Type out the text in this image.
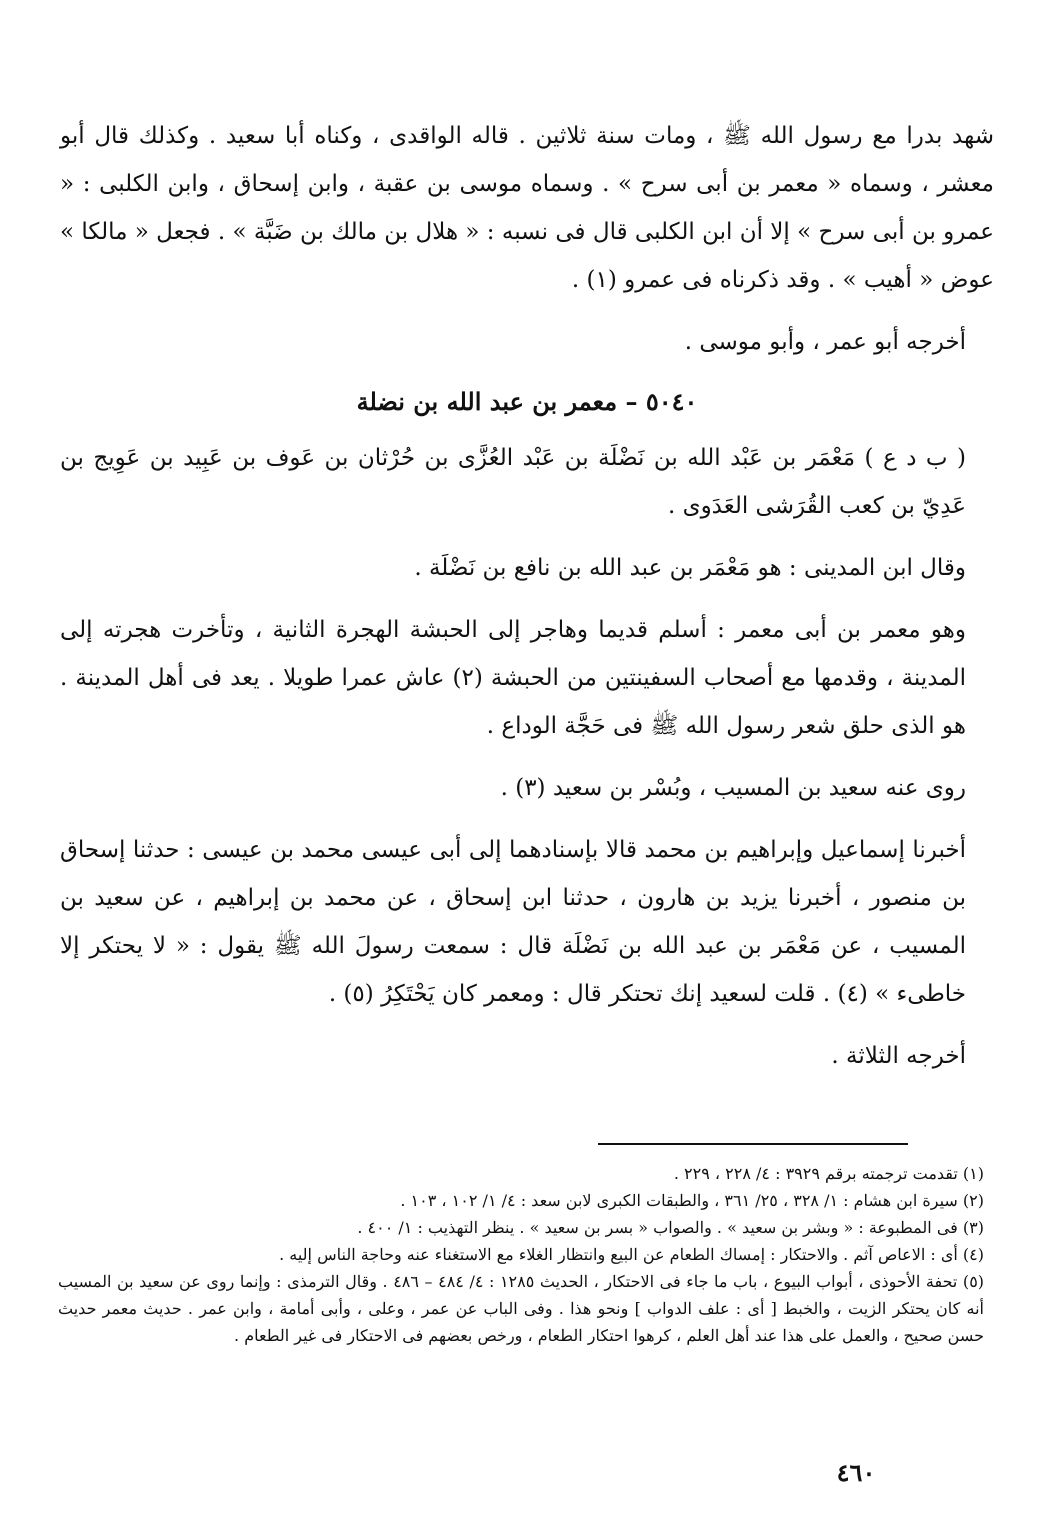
شهد بدرا مع رسول الله ﷺ ، ومات سنة ثلاثين . قاله الواقدى ، وكناه أبا سعيد . وكذلك قال أبو معشر ، وسماه « معمر بن أبى سرح » . وسماه موسى بن عقبة ، وابن إسحاق ، وابن الكلبى : « عمرو بن أبى سرح » إلا أن ابن الكلبى قال فى نسبه : « هلال بن مالك بن ضَبَّة » . فجعل « مالكا » عوض « أهيب » . وقد ذكرناه فى عمرو (١) .

أخرجه أبو عمر ، وأبو موسى .

٥٠٤٠ – معمر بن عبد الله بن نضلة

( ب د ع ) مَعْمَر بن عَبْد الله بن نَضْلَة بن عَبْد العُزَّى بن حُرْثان بن عَوف بن عَبِيد بن عَوِيج بن عَدِيّ بن كعب القُرَشى العَدَوى .

وقال ابن المدينى : هو مَعْمَر بن عبد الله بن نافع بن نَضْلَة .

وهو معمر بن أبى معمر : أسلم قديما وهاجر إلى الحبشة الهجرة الثانية ، وتأخرت هجرته إلى المدينة ، وقدمها مع أصحاب السفينتين من الحبشة (٢) عاش عمرا طويلا . يعد فى أهل المدينة . هو الذى حلق شعر رسول الله ﷺ فى حَجَّة الوداع .

روى عنه سعيد بن المسيب ، وبُسْر بن سعيد (٣) .

أخبرنا إسماعيل وإبراهيم بن محمد قالا بإسنادهما إلى أبى عيسى محمد بن عيسى : حدثنا إسحاق بن منصور ، أخبرنا يزيد بن هارون ، حدثنا ابن إسحاق ، عن محمد بن إبراهيم ، عن سعيد بن المسيب ، عن مَعْمَر بن عبد الله بن نَضْلَة قال : سمعت رسولَ الله ﷺ يقول : « لا يحتكر إلا خاطىء » (٤) . قلت لسعيد إنك تحتكر قال : ومعمر كان يَحْتَكِرُ (٥) .

أخرجه الثلاثة .

(١) تقدمت ترجمته برقم ٣٩٢٩ : ٤/ ٢٢٨ ، ٢٢٩ .

(٢) سيرة ابن هشام : ١/ ٣٢٨ ، ٢٥/ ٣٦١ ، والطبقات الكبرى لابن سعد : ٤/ ١/ ١٠٢ ، ١٠٣ .

(٣) فى المطبوعة : « وبشر بن سعيد » . والصواب « بسر بن سعيد » . ينظر التهذيب : ١/ ٤٠٠ .

(٤) أى : الاعاص آثم . والاحتكار : إمساك الطعام عن البيع وانتظار الغلاء مع الاستغناء عنه وحاجة الناس إليه .

(٥) تحفة الأحوذى ، أبواب البيوع ، باب ما جاء فى الاحتكار ، الحديث ١٢٨٥ : ٤/ ٤٨٤ – ٤٨٦ . وقال الترمذى : وإنما روى عن سعيد بن المسيب أنه كان يحتكر الزيت ، والخبط [ أى : علف الدواب ] ونحو هذا . وفى الباب عن عمر ، وعلى ، وأبى أمامة ، وابن عمر . حديث معمر حديث حسن صحيح ، والعمل على هذا عند أهل العلم ، كرهوا احتكار الطعام ، ورخص بعضهم فى الاحتكار فى غير الطعام .

٤٦٠
